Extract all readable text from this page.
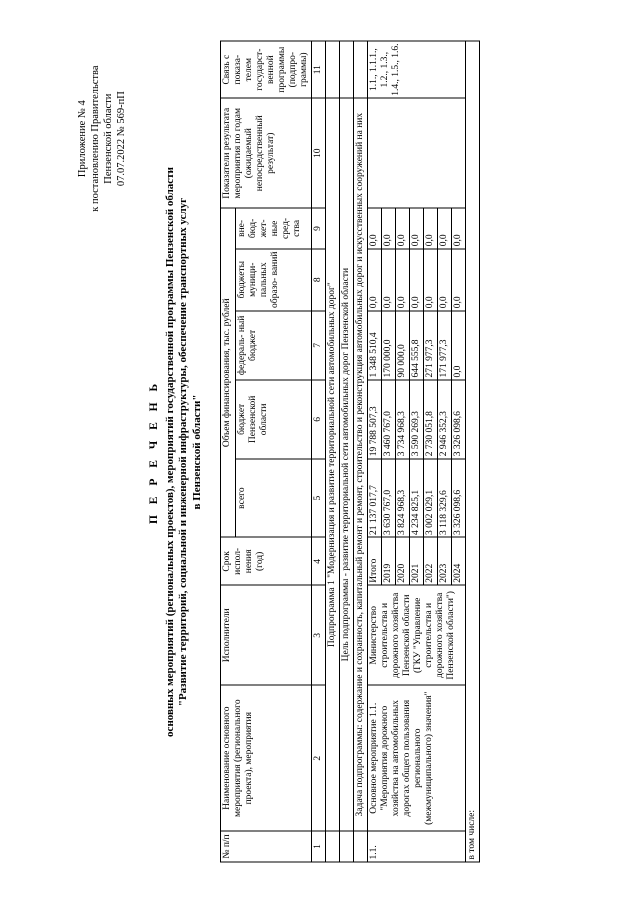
Приложение № 4 к постановлению Правительства Пензенской области 07.07.2022 № 569-пП
П Е Р Е Ч Е Н Ь основных мероприятий (региональных проектов), мероприятий государственной программы Пензенской области "Развитие территорий, социальной и инженерной инфраструктуры, обеспечение транспортных услуг в Пензенской области"
№ п/п	Наименование основного мероприятия (регионального проекта), мероприятия	Исполнители	Срок испол- нения (год)	Объем финансирования, тыс. рублей					Показатели результата мероприятия по годам (ожидаемый непосредственный результат)	Связь с показа- телем государст- венной программы (подпро- граммы)
				всего	бюджет Пензенской области	федераль- ный бюджет	бюджеты муници- пальных образо- ваний	вне- бюд- жет- ные сред- ства		
1	2	3	4	5	6	7	8	9	10	11
	Подпрограмма 1 "Модернизация и развитие территориальной сети автомобильных дорог"									
	Цель подпрограммы - развитие территориальной сети автомобильных дорог Пензенской области									
	Задача подпрограммы: содержание и сохранность, капитальный ремонт и ремонт, строительство и реконструкция автомобильных дорог и искусственных сооружений на них									
1.1.	Основное мероприятие 1.1. "Мероприятия дорожного хозяйства на автомобильных дорогах общего пользования регионального (межмуниципального) значения"	Министерство строительства и дорожного хозяйства Пензенской области (ГКУ "Управление строительства и дорожного хозяйства Пензенской области")	Итого	21 137 017,7	19 788 507,3	1 348 510,4	0,0	0,0		1.1., 1.1.1., 1.2., 1.3., 1.4., 1.5., 1.6.
			2019	3 630 767,0	3 460 767,0	170 000,0	0,0	0,0		
			2020	3 824 968,3	3 734 968,3	90 000,0	0,0	0,0		
			2021	4 234 825,1	3 590 269,3	644 555,8	0,0	0,0		
			2022	3 002 029,1	2 730 051,8	271 977,3	0,0	0,0		
			2023	3 118 329,6	2 946 352,3	171 977,3	0,0	0,0		
			2024	3 326 098,6	3 326 098,6	0,0	0,0	0,0		
в том числе:										
